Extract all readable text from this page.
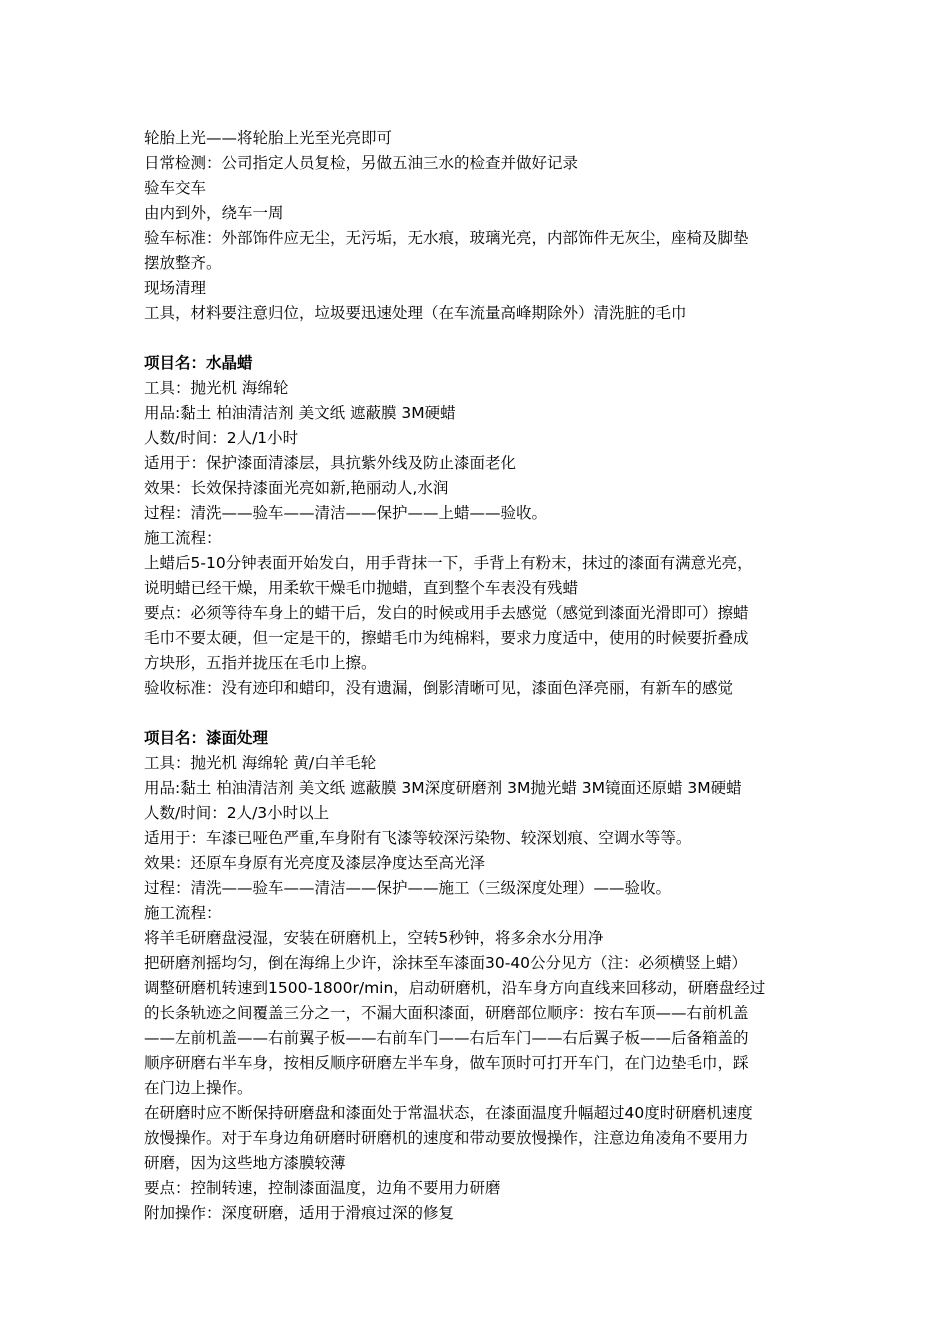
轮胎上光——将轮胎上光至光亮即可
日常检测：公司指定人员复检，另做五油三水的检查并做好记录
验车交车
由内到外，绕车一周
验车标准：外部饰件应无尘，无污垢，无水痕，玻璃光亮，内部饰件无灰尘，座椅及脚垫
摆放整齐。
现场清理
工具，材料要注意归位，垃圾要迅速处理（在车流量高峰期除外）清洗脏的毛巾
项目名：水晶蜡
工具：抛光机 海绵轮
用品:黏土 柏油清洁剂 美文纸 遮蔽膜 3M硬蜡
人数/时间：2人/1小时
适用于：保护漆面清漆层，具抗紫外线及防止漆面老化
效果：长效保持漆面光亮如新,艳丽动人,水润
过程：清洗——验车——清洁——保护——上蜡——验收。
施工流程：
上蜡后5-10分钟表面开始发白，用手背抹一下，手背上有粉末，抹过的漆面有满意光亮，
说明蜡已经干燥，用柔软干燥毛巾抛蜡，直到整个车表没有残蜡
要点：必须等待车身上的蜡干后，发白的时候或用手去感觉（感觉到漆面光滑即可）擦蜡
毛巾不要太硬，但一定是干的，擦蜡毛巾为纯棉料，要求力度适中，使用的时候要折叠成
方块形，五指并拢压在毛巾上擦。
验收标准：没有迹印和蜡印，没有遗漏，倒影清晰可见，漆面色泽亮丽，有新车的感觉
项目名：漆面处理
工具：抛光机 海绵轮 黄/白羊毛轮
用品:黏土 柏油清洁剂 美文纸 遮蔽膜 3M深度研磨剂 3M抛光蜡 3M镜面还原蜡 3M硬蜡
人数/时间：2人/3小时以上
适用于：车漆已哑色严重,车身附有飞漆等较深污染物、较深划痕、空调水等等。
效果：还原车身原有光亮度及漆层净度达至高光泽
过程：清洗——验车——清洁——保护——施工（三级深度处理）——验收。
施工流程：
将羊毛研磨盘浸湿，安装在研磨机上，空转5秒钟，将多余水分用净
把研磨剂摇均匀，倒在海绵上少许，涂抹至车漆面30-40公分见方（注：必须横竖上蜡）
调整研磨机转速到1500-1800r/min，启动研磨机，沿车身方向直线来回移动，研磨盘经过
的长条轨迹之间覆盖三分之一，不漏大面积漆面，研磨部位顺序：按右车顶——右前机盖
——左前机盖——右前翼子板——右前车门——右后车门——右后翼子板——后备箱盖的
顺序研磨右半车身，按相反顺序研磨左半车身，做车顶时可打开车门，在门边垫毛巾，踩
在门边上操作。
在研磨时应不断保持研磨盘和漆面处于常温状态，在漆面温度升幅超过40度时研磨机速度
放慢操作。对于车身边角研磨时研磨机的速度和带动要放慢操作，注意边角凌角不要用力
研磨，因为这些地方漆膜较薄
要点：控制转速，控制漆面温度，边角不要用力研磨
附加操作：深度研磨，适用于滑痕过深的修复
